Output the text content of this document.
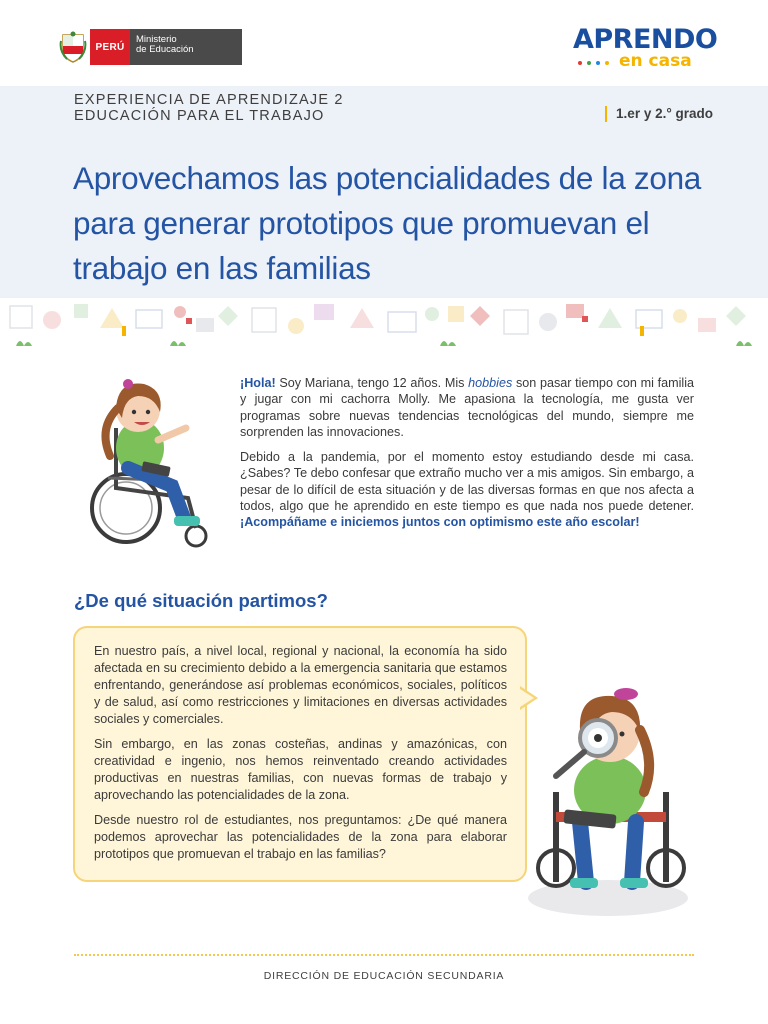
PERÚ
Ministerio
de Educación	APRENDO
en casa
EXPERIENCIA DE APRENDIZAJE 2
EDUCACIÓN PARA EL TRABAJO	1.er y 2.° grado
Aprovechamos las potencialidades de la zona para generar prototipos que promuevan el trabajo en las familias

¡Hola! Soy Mariana, tengo 12 años. Mis hobbies son pasar tiempo con mi familia y jugar con mi cachorra Molly. Me apasiona la tecnología, me gusta ver programas sobre nuevas tendencias tecnológicas del mundo, siempre me sorprenden las innovaciones.

Debido a la pandemia, por el momento estoy estudiando desde mi casa. ¿Sabes? Te debo confesar que extraño mucho ver a mis amigos. Sin embargo, a pesar de lo difícil de esta situación y de las diversas formas en que nos afecta a todos, algo que he aprendido en este tiempo es que nada nos puede detener. ¡Acompáñame e iniciemos juntos con optimismo este año escolar!

¿De qué situación partimos?

En nuestro país, a nivel local, regional y nacional, la economía ha sido afectada en su crecimiento debido a la emergencia sanitaria que estamos enfrentando, generándose así problemas económicos, sociales, políticos y de salud, así como restricciones y limitaciones en diversas actividades sociales y comerciales.

Sin embargo, en las zonas costeñas, andinas y amazónicas, con creatividad e ingenio, nos hemos reinventado creando actividades productivas en nuestras familias, con nuevas formas de trabajo y aprovechando las potencialidades de la zona.

Desde nuestro rol de estudiantes, nos preguntamos: ¿De qué manera podemos aprovechar las potencialidades de la zona para elaborar prototipos que promuevan el trabajo en las familias?

DIRECCIÓN DE EDUCACIÓN SECUNDARIA
